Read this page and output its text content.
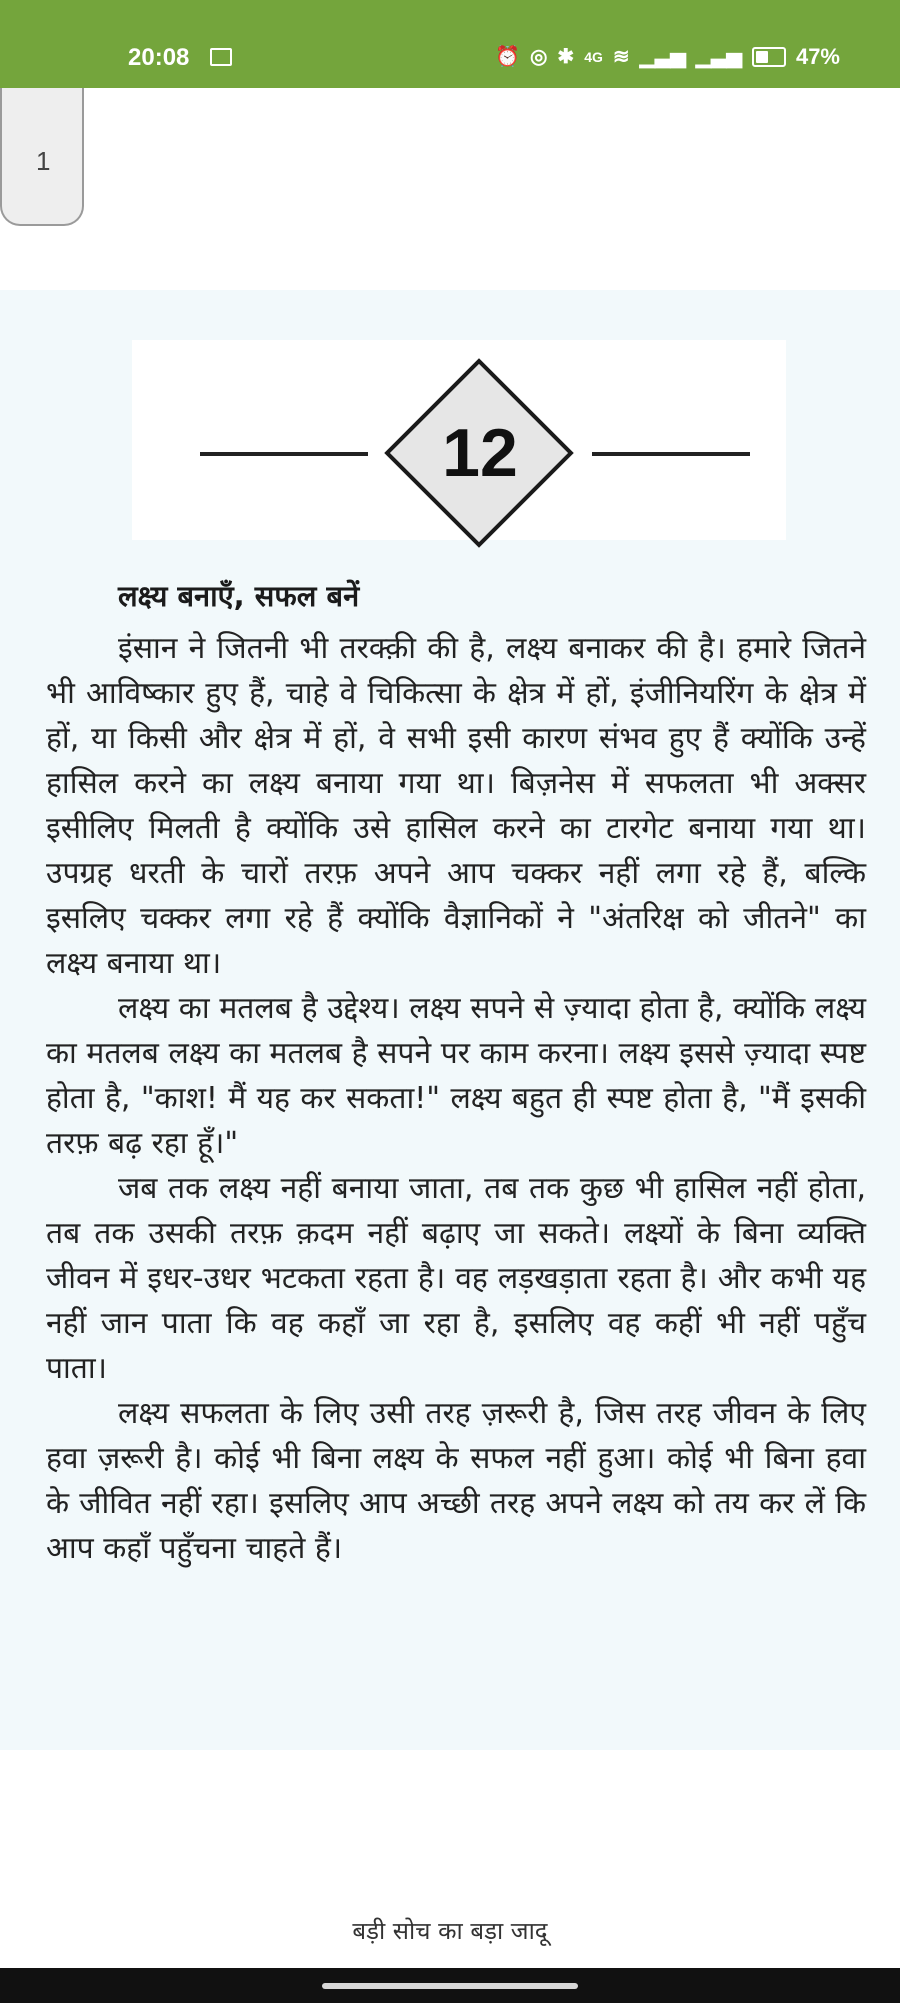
20:08	⏰ ◎ ✱ 4G ≋ ▁▃▅ ▁▃▅ 47%
1
12
लक्ष्य बनाएँ, सफल बनें

इंसान ने जितनी भी तरक्क़ी की है, लक्ष्य बनाकर की है। हमारे जितने भी आविष्कार हुए हैं, चाहे वे चिकित्सा के क्षेत्र में हों, इंजीनियरिंग के क्षेत्र में हों, या किसी और क्षेत्र में हों, वे सभी इसी कारण संभव हुए हैं क्योंकि उन्हें हासिल करने का लक्ष्य बनाया गया था। बिज़नेस में सफलता भी अक्सर इसीलिए मिलती है क्योंकि उसे हासिल करने का टारगेट बनाया गया था। उपग्रह धरती के चारों तरफ़ अपने आप चक्कर नहीं लगा रहे हैं, बल्कि इसलिए चक्कर लगा रहे हैं क्योंकि वैज्ञानिकों ने "अंतरिक्ष को जीतने" का लक्ष्य बनाया था।

लक्ष्य का मतलब है उद्देश्य। लक्ष्य सपने से ज़्यादा होता है, क्योंकि लक्ष्य का मतलब लक्ष्य का मतलब है सपने पर काम करना। लक्ष्य इससे ज़्यादा स्पष्ट होता है, "काश! मैं यह कर सकता!" लक्ष्य बहुत ही स्पष्ट होता है, "मैं इसकी तरफ़ बढ़ रहा हूँ।"

जब तक लक्ष्य नहीं बनाया जाता, तब तक कुछ भी हासिल नहीं होता, तब तक उसकी तरफ़ क़दम नहीं बढ़ाए जा सकते। लक्ष्यों के बिना व्यक्ति जीवन में इधर-उधर भटकता रहता है। वह लड़खड़ाता रहता है। और कभी यह नहीं जान पाता कि वह कहाँ जा रहा है, इसलिए वह कहीं भी नहीं पहुँच पाता।

लक्ष्य सफलता के लिए उसी तरह ज़रूरी है, जिस तरह जीवन के लिए हवा ज़रूरी है। कोई भी बिना लक्ष्य के सफल नहीं हुआ। कोई भी बिना हवा के जीवित नहीं रहा। इसलिए आप अच्छी तरह अपने लक्ष्य को तय कर लें कि आप कहाँ पहुँचना चाहते हैं।

बड़ी सोच का बड़ा जादू
